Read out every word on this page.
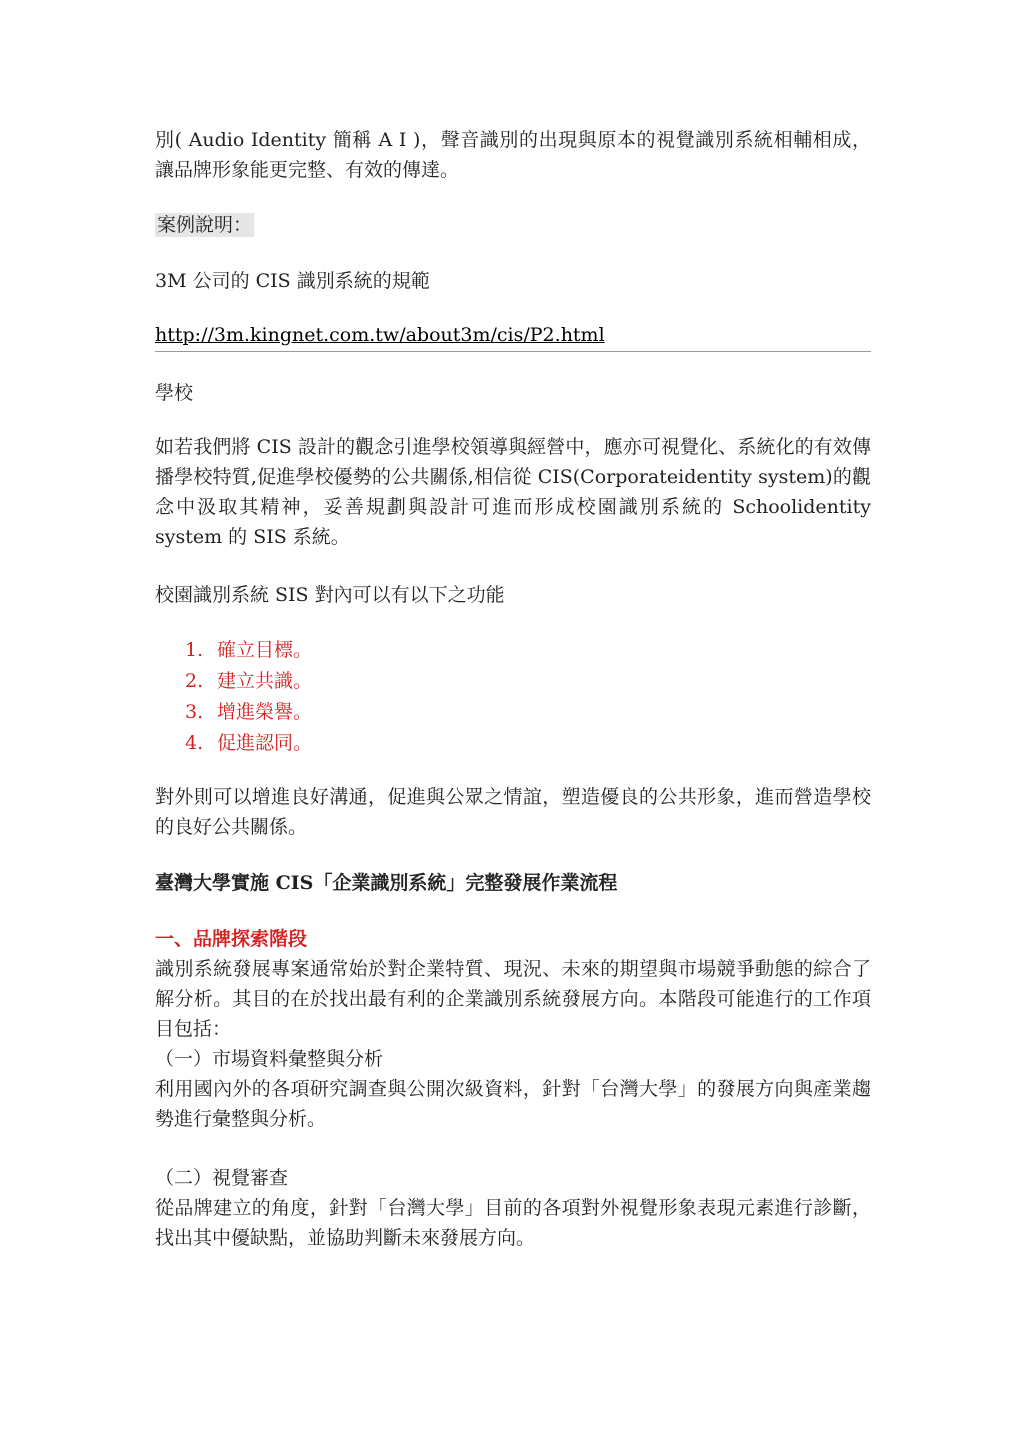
別( Audio Identity 簡稱 A I )，聲音識別的出現與原本的視覺識別系統相輔相成，讓品牌形象能更完整、有效的傳達。

案例說明：

3M 公司的 CIS 識別系統的規範

http://3m.kingnet.com.tw/about3m/cis/P2.html

學校

如若我們將 CIS 設計的觀念引進學校領導與經營中，應亦可視覺化、系統化的有效傳播學校特質,促進學校優勢的公共關係,相信從 CIS(Corporateidentity system)的觀念中汲取其精神，妥善規劃與設計可進而形成校園識別系統的 Schoolidentity system 的 SIS 系統。

校園識別系統 SIS 對內可以有以下之功能

1. 確立目標。
2. 建立共識。
3. 增進榮譽。
4. 促進認同。

對外則可以增進良好溝通，促進與公眾之情誼，塑造優良的公共形象，進而營造學校的良好公共關係。

臺灣大學實施 CIS「企業識別系統」完整發展作業流程

一、品牌探索階段

識別系統發展專案通常始於對企業特質、現況、未來的期望與市場競爭動態的綜合了解分析。其目的在於找出最有利的企業識別系統發展方向。本階段可能進行的工作項目包括：

（一）市場資料彙整與分析

利用國內外的各項研究調查與公開次級資料，針對「台灣大學」的發展方向與產業趨勢進行彙整與分析。

（二）視覺審查

從品牌建立的角度，針對「台灣大學」目前的各項對外視覺形象表現元素進行診斷，找出其中優缺點，並協助判斷未來發展方向。
